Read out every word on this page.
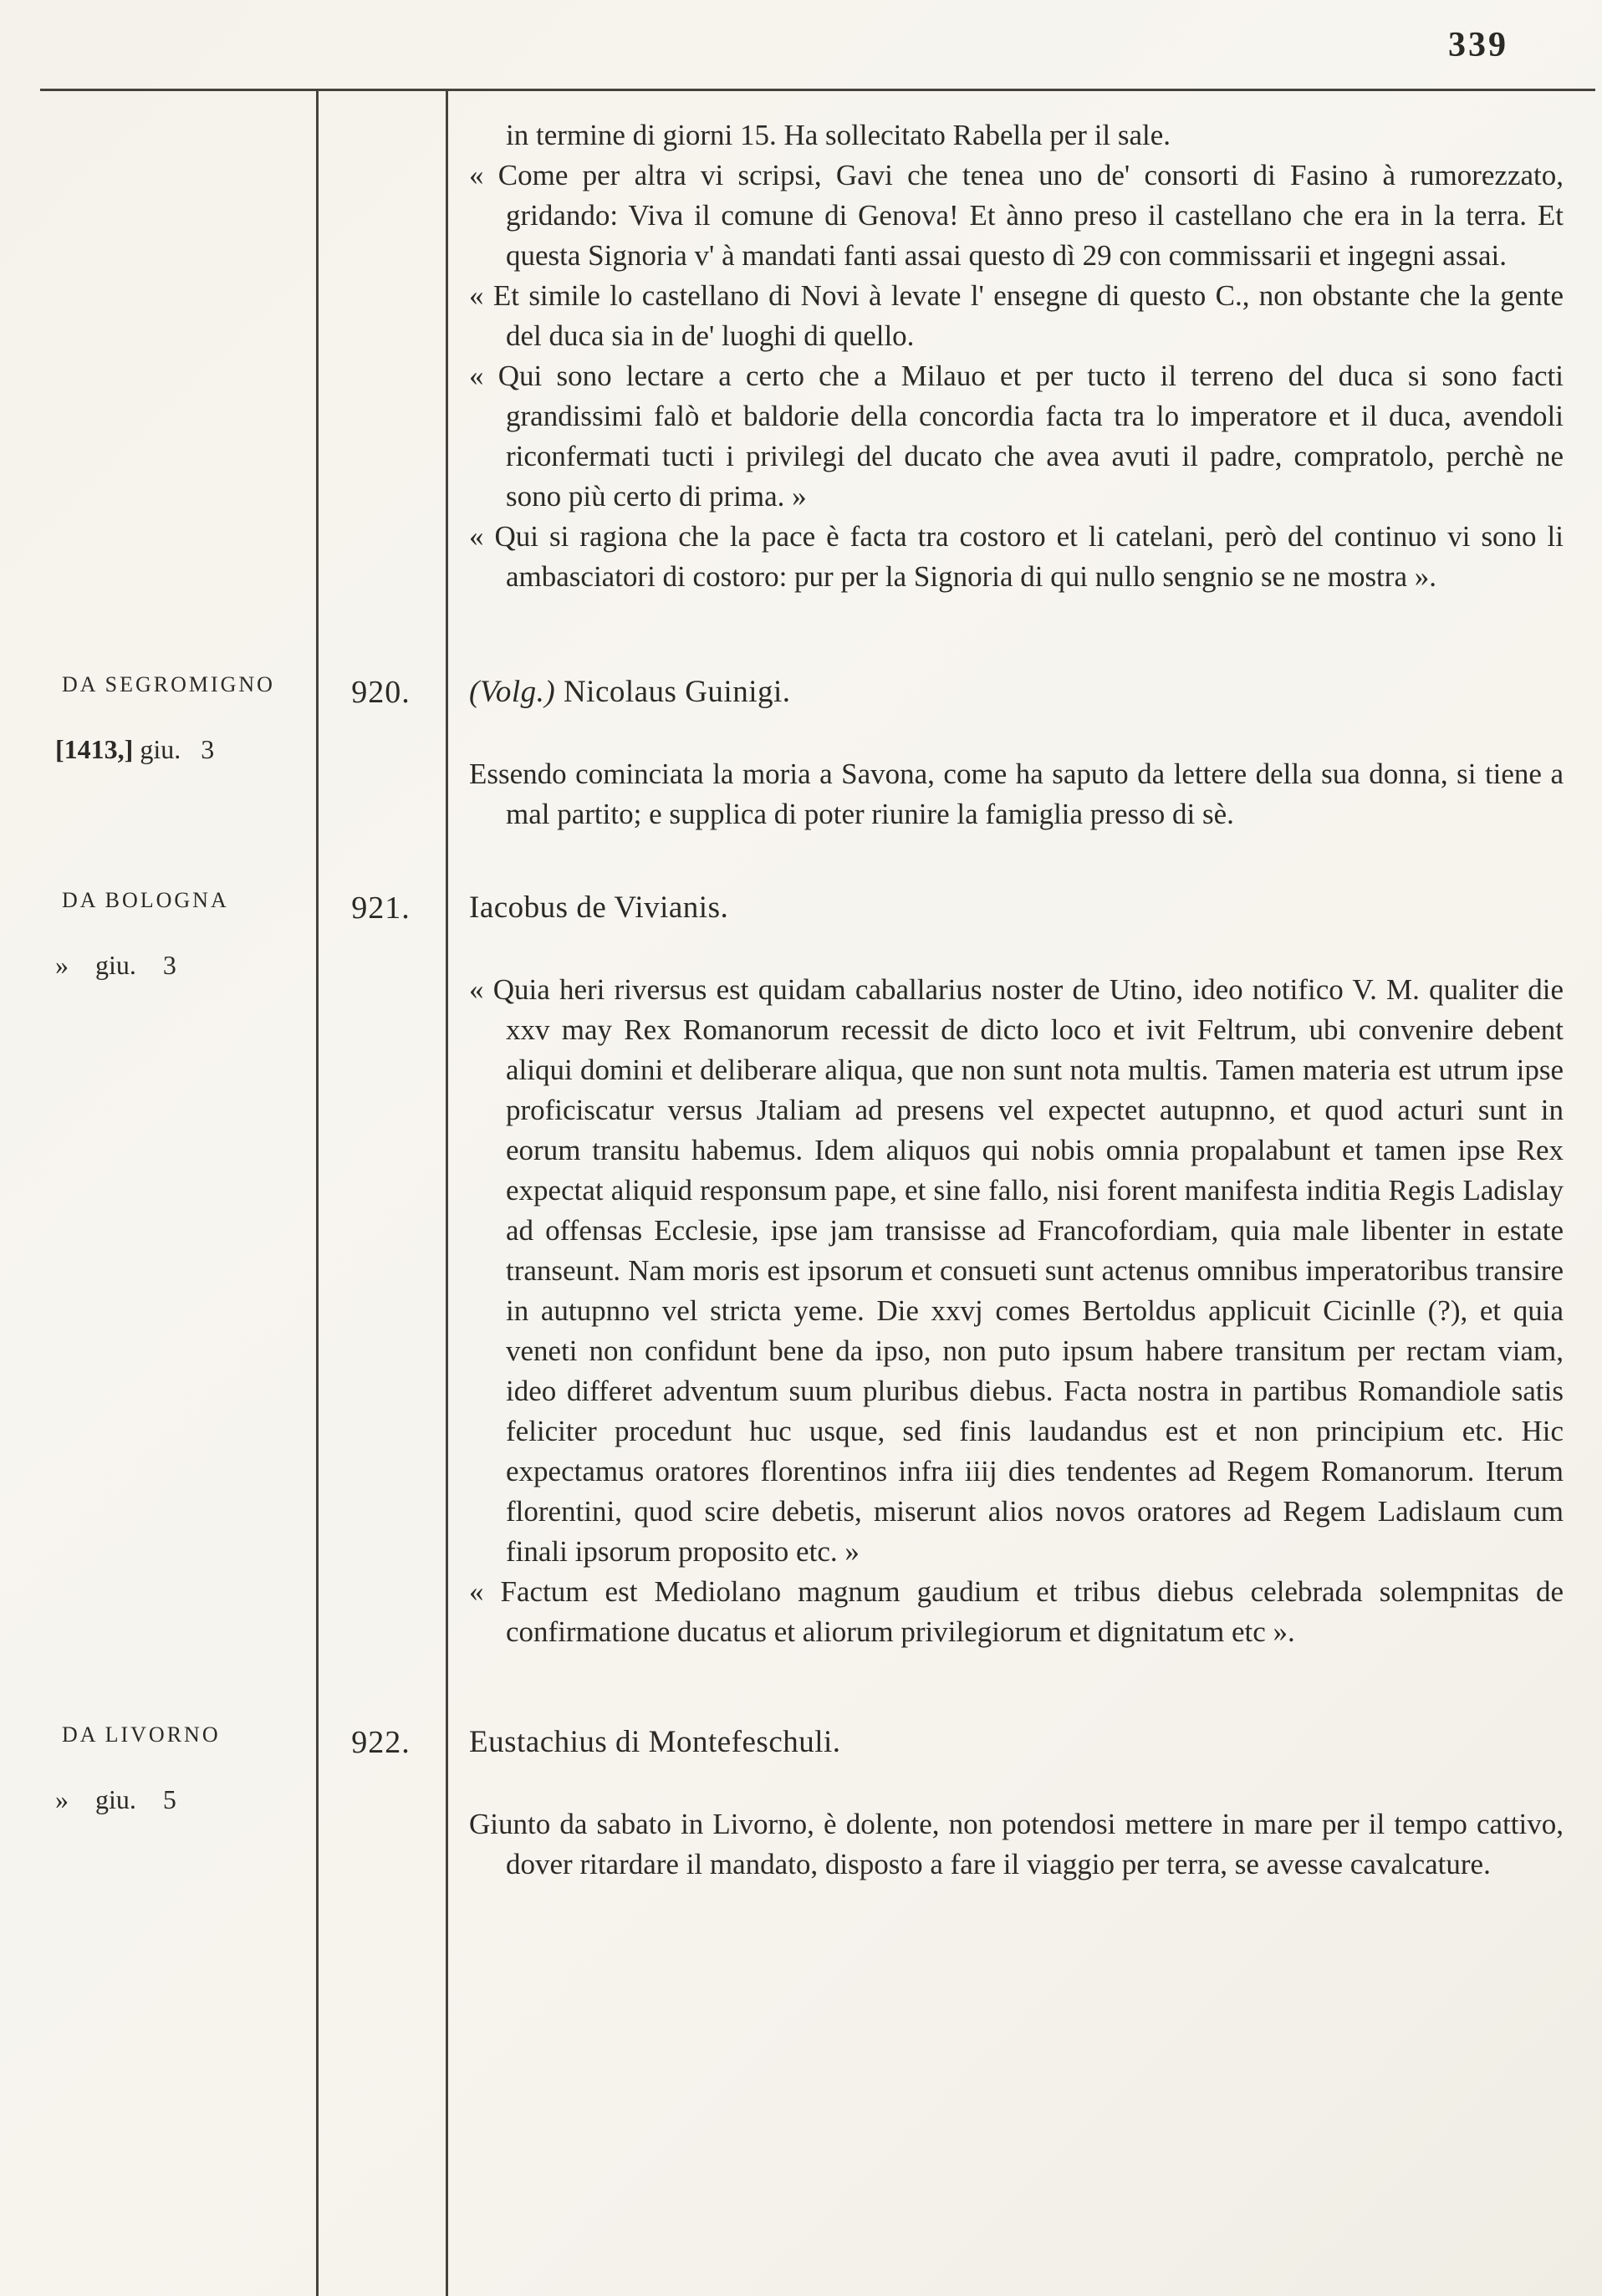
339

in termine di giorni 15. Ha sollecitato Rabella per il sale.

« Come per altra vi scripsi, Gavi che tenea uno de' consorti di Fasino à rumorezzato, gridando: Viva il comune di Genova! Et ànno preso il castellano che era in la terra. Et questa Signoria v' à mandati fanti assai questo dì 29 con commissarii et ingegni assai.

« Et simile lo castellano di Novi à levate l' ensegne di questo C., non obstante che la gente del duca sia in de' luoghi di quello.

« Qui sono lectare a certo che a Milauo et per tucto il terreno del duca si sono facti grandissimi falò et baldorie della concordia facta tra lo imperatore et il duca, avendoli riconfermati tucti i privilegi del ducato che avea avuti il padre, compratolo, perchè ne sono più certo di prima. »

« Qui si ragiona che la pace è facta tra costoro et li catelani, però del continuo vi sono li ambasciatori di costoro: pur per la Signoria di qui nullo sengnio se ne mostra ».

DA SEGROMIGNO
[1413,] giu.   3
920.	(Volg.) Nicolaus Guinigi.

Essendo cominciata la moria a Savona, come ha saputo da lettere della sua donna, si tiene a mal partito; e supplica di poter riunire la famiglia presso di sè.

DA BOLOGNA
»    giu.    3
921.	Iacobus de Vivianis.

« Quia heri riversus est quidam caballarius noster de Utino, ideo notifico V. M. qualiter die xxv may Rex Romanorum recessit de dicto loco et ivit Feltrum, ubi convenire debent aliqui domini et deliberare aliqua, que non sunt nota multis. Tamen materia est utrum ipse proficiscatur versus Jtaliam ad presens vel expectet autupnno, et quod acturi sunt in eorum transitu habemus. Idem aliquos qui nobis omnia propalabunt et tamen ipse Rex expectat aliquid responsum pape, et sine fallo, nisi forent manifesta inditia Regis Ladislay ad offensas Ecclesie, ipse jam transisse ad Francofordiam, quia male libenter in estate transeunt. Nam moris est ipsorum et consueti sunt actenus omnibus imperatoribus transire in autupnno vel stricta yeme. Die xxvj comes Bertoldus applicuit Cicinlle (?), et quia veneti non confidunt bene da ipso, non puto ipsum habere transitum per rectam viam, ideo differet adventum suum pluribus diebus. Facta nostra in partibus Romandiole satis feliciter procedunt huc usque, sed finis laudandus est et non principium etc. Hic expectamus oratores florentinos infra iiij dies tendentes ad Regem Romanorum. Iterum florentini, quod scire debetis, miserunt alios novos oratores ad Regem Ladislaum cum finali ipsorum proposito etc. »

« Factum est Mediolano magnum gaudium et tribus diebus celebrada solempnitas de confirmatione ducatus et aliorum privilegiorum et dignitatum etc ».

DA LIVORNO
»    giu.    5
922.	Eustachius di Montefeschuli.

Giunto da sabato in Livorno, è dolente, non potendosi mettere in mare per il tempo cattivo, dover ritardare il mandato, disposto a fare il viaggio per terra, se avesse cavalcature.
